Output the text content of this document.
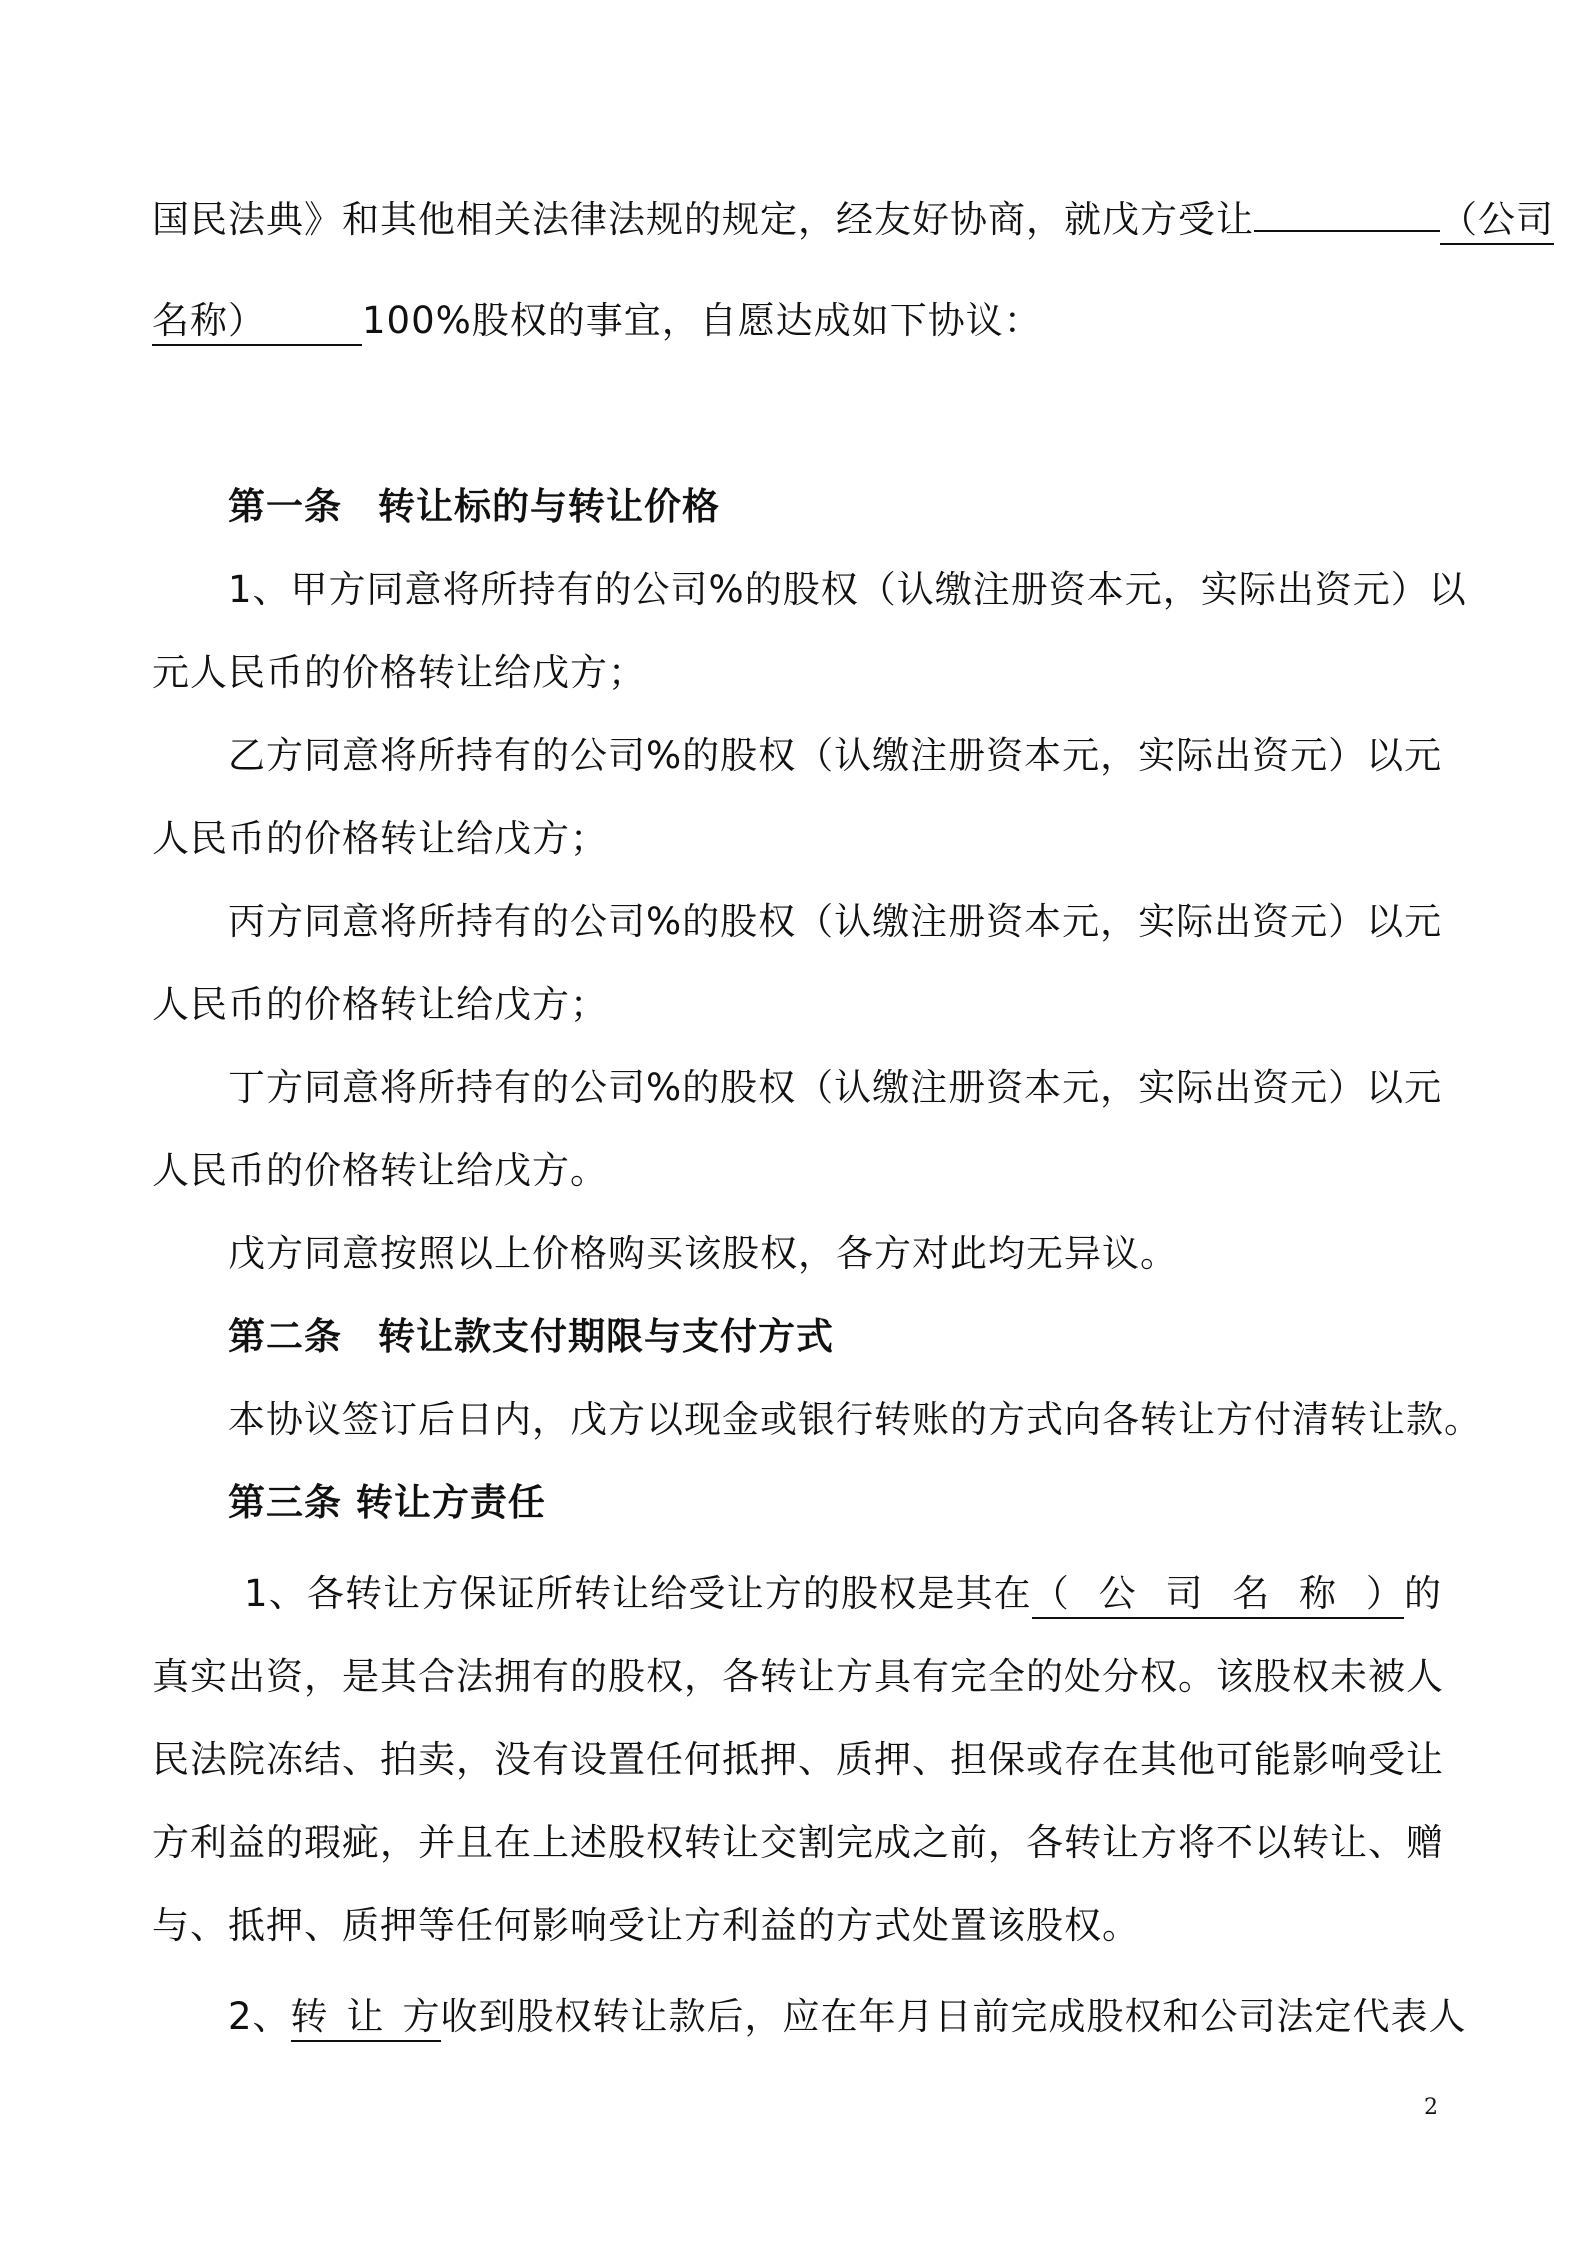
国民法典》和其他相关法律法规的规定，经友好协商，就戊方受让	（公司
名称）	100%股权的事宜，自愿达成如下协议：
第一条 转让标的与转让价格
1、甲方同意将所持有的公司%的股权（认缴注册资本元，实际出资元）以
元人民币的价格转让给戊方；
乙方同意将所持有的公司%的股权（认缴注册资本元，实际出资元）以元
人民币的价格转让给戊方；
丙方同意将所持有的公司%的股权（认缴注册资本元，实际出资元）以元
人民币的价格转让给戊方；
丁方同意将所持有的公司%的股权（认缴注册资本元，实际出资元）以元
人民币的价格转让给戊方。
戊方同意按照以上价格购买该股权，各方对此均无异议。
第二条 转让款支付期限与支付方式
本协议签订后日内，戊方以现金或银行转账的方式向各转让方付清转让款。
第三条 转让方责任
1、各转让方保证所转让给受让方的股权是其在（公司名称）的
真实出资，是其合法拥有的股权，各转让方具有完全的处分权。该股权未被人
民法院冻结、拍卖，没有设置任何抵押、质押、担保或存在其他可能影响受让
方利益的瑕疵，并且在上述股权转让交割完成之前，各转让方将不以转让、赠
与、抵押、质押等任何影响受让方利益的方式处置该股权。
2、转让方收到股权转让款后，应在年月日前完成股权和公司法定代表人
2
